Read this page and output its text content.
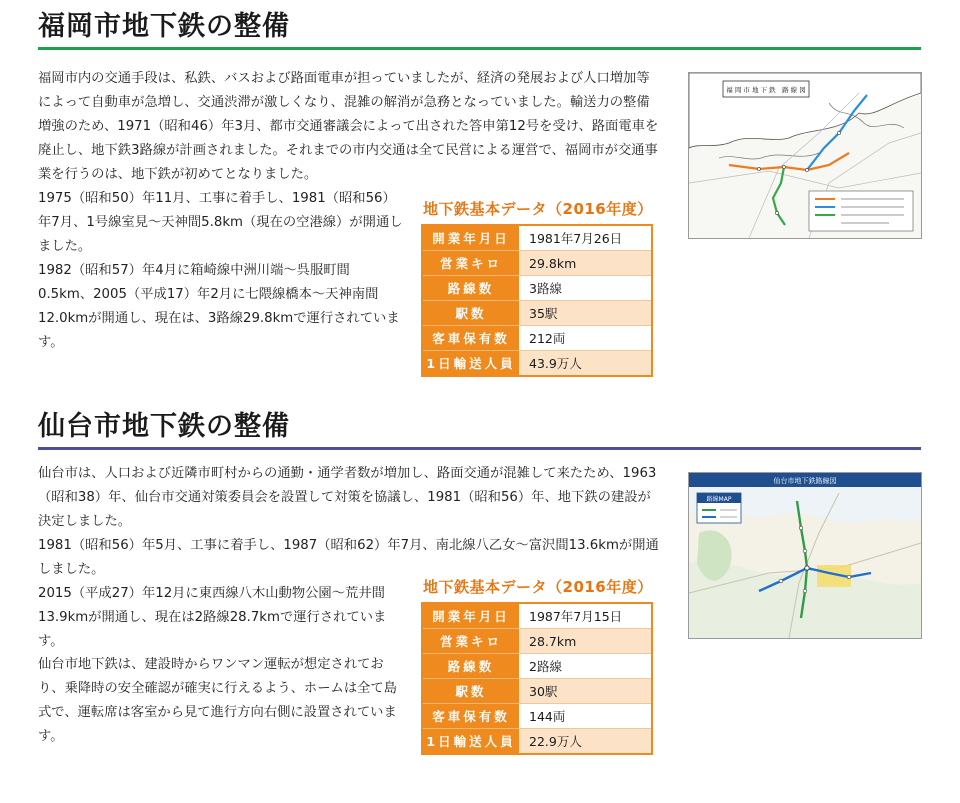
福岡市地下鉄の整備

福岡市内の交通手段は、私鉄、バスおよび路面電車が担っていましたが、経済の発展および人口増加等によって自動車が急増し、交通渋滞が激しくなり、混雑の解消が急務となっていました。輸送力の整備増強のため、1971（昭和46）年3月、都市交通審議会によって出された答申第12号を受け、路面電車を廃止し、地下鉄3路線が計画されました。それまでの市内交通は全て民営による運営で、福岡市が交通事業を行うのは、地下鉄が初めてとなりました。

1975（昭和50）年11月、工事に着手し、1981（昭和56）年7月、1号線室見～天神間5.8km（現在の空港線）が開通しました。

1982（昭和57）年4月に箱崎線中洲川端～呉服町間0.5km、2005（平成17）年2月に七隈線橋本～天神南間12.0kmが開通し、現在は、3路線29.8kmで運行されています。

地下鉄基本データ（2016年度）
開業年月日	1981年7月26日
営業キロ	29.8km
路線数	3路線
駅数	35駅
客車保有数	212両
1日輸送人員	43.9万人
福 岡 市 地 下 鉄　路 線 図
仙台市地下鉄の整備

仙台市は、人口および近隣市町村からの通勤・通学者数が増加し、路面交通が混雑して来たため、1963（昭和38）年、仙台市交通対策委員会を設置して対策を協議し、1981（昭和56）年、地下鉄の建設が決定しました。

1981（昭和56）年5月、工事に着手し、1987（昭和62）年7月、南北線八乙女～富沢間13.6kmが開通しました。

2015（平成27）年12月に東西線八木山動物公園～荒井間13.9kmが開通し、現在は2路線28.7kmで運行されています。

仙台市地下鉄は、建設時からワンマン運転が想定されており、乗降時の安全確認が確実に行えるよう、ホームは全て島式で、運転席は客室から見て進行方向右側に設置されています。

地下鉄基本データ（2016年度）
開業年月日	1987年7月15日
営業キロ	28.7km
路線数	2路線
駅数	30駅
客車保有数	144両
1日輸送人員	22.9万人
仙台市地下鉄路線図
路線MAP
